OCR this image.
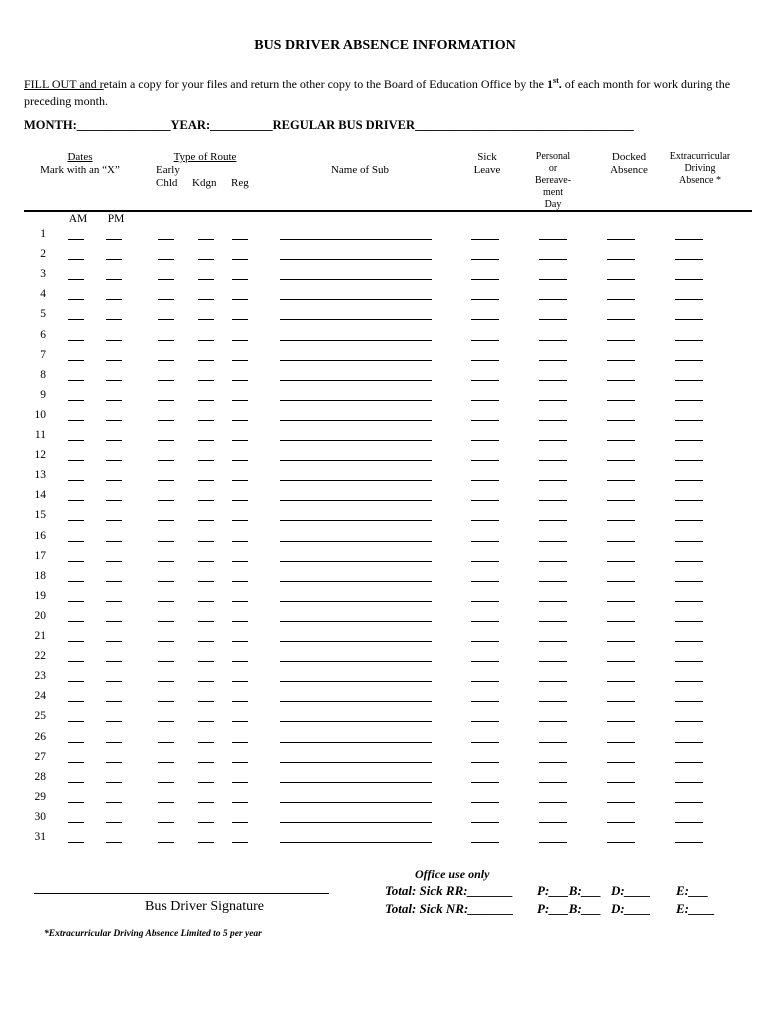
BUS DRIVER ABSENCE INFORMATION
FILL OUT and retain a copy for your files and return the other copy to the Board of Education Office by the 1st. of each month for work during the preceding month.
MONTH:_______________YEAR:__________REGULAR BUS DRIVER___________________________________
Dates
Mark with an “X”
Type of Route
Early
Chld	Kdgn	Reg
Name of Sub
Sick
Leave
Personal
or
Bereave-
ment
Day
Docked
Absence
Extracurricular
Driving
Absence *
AM	PM
1
2
3
4
5
6
7
8
9
10
11
12
13
14
15
16
17
18
19
20
21
22
23
24
25
26
27
28
29
30
31
Office use only
Total: Sick RR:_______ P:___B:___ D:____ E:___
Total: Sick NR:_______ P:___B:___ D:____ E:____
Bus Driver Signature
*Extracurricular Driving Absence Limited to 5 per year
